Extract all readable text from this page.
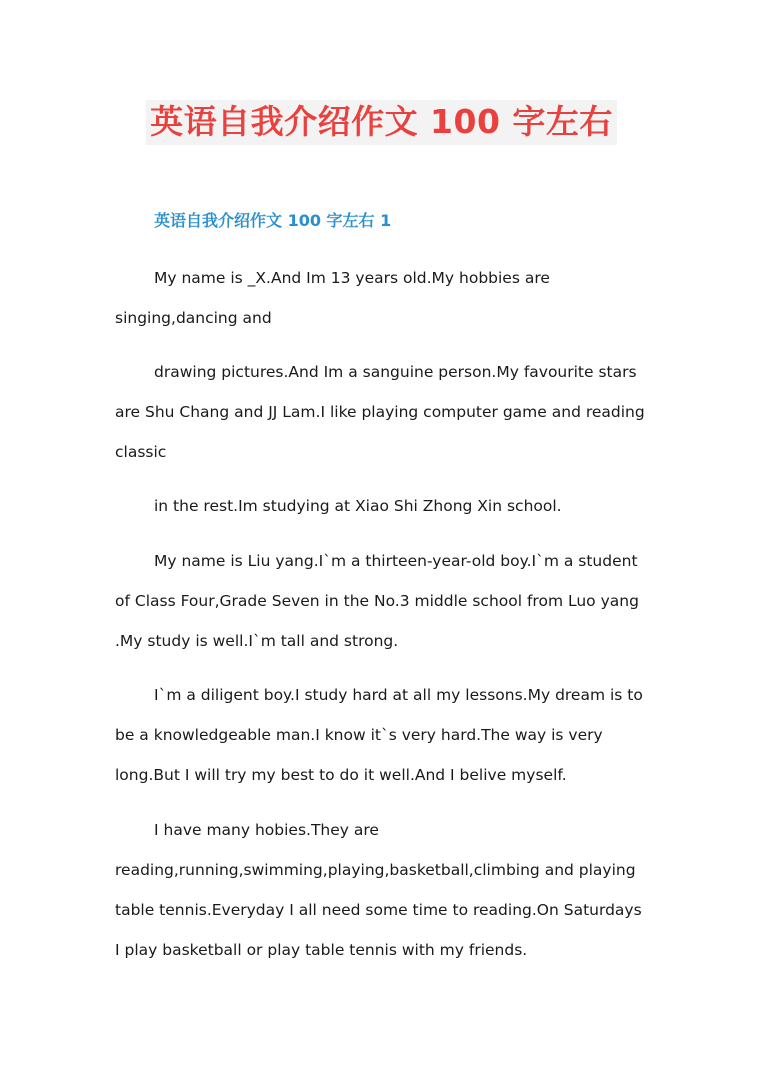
英语自我介绍作文 100 字左右
英语自我介绍作文 100 字左右 1
My name is _X.And Im 13 years old.My hobbies are
singing,dancing and
drawing pictures.And Im a sanguine person.My favourite stars
are Shu Chang and JJ Lam.I like playing computer game and reading
classic
in the rest.Im studying at Xiao Shi Zhong Xin school.
My name is Liu yang.I`m a thirteen-year-old boy.I`m a student
of Class Four,Grade Seven in the No.3 middle school from Luo yang
.My study is well.I`m tall and strong.
I`m a diligent boy.I study hard at all my lessons.My dream is to
be a knowledgeable man.I know it`s very hard.The way is very
long.But I will try my best to do it well.And I belive myself.
I have many hobies.They are
reading,running,swimming,playing,basketball,climbing and playing
table tennis.Everyday I all need some time to reading.On Saturdays
I play basketball or play table tennis with my friends.
